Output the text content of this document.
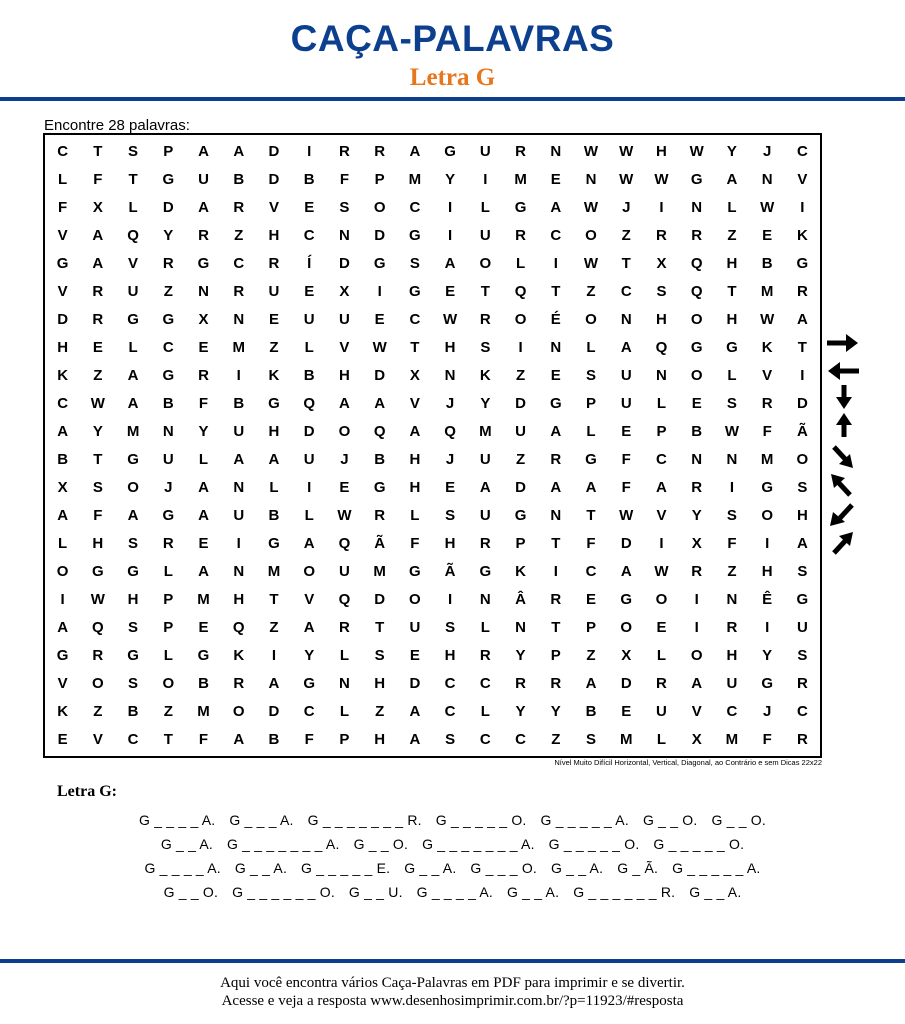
CAÇA-PALAVRAS
Letra G
Encontre 28 palavras:
C	T	S	P	A	A	D	I	R	R	A	G	U	R	N	W	W	H	W	Y	J	C
L	F	T	G	U	B	D	B	F	P	M	Y	I	M	E	N	W	W	G	A	N	V
F	X	L	D	A	R	V	E	S	O	C	I	L	G	A	W	J	I	N	L	W	I
V	A	Q	Y	R	Z	H	C	N	D	G	I	U	R	C	O	Z	R	R	Z	E	K
G	A	V	R	G	C	R	Í	D	G	S	A	O	L	I	W	T	X	Q	H	B	G
V	R	U	Z	N	R	U	E	X	I	G	E	T	Q	T	Z	C	S	Q	T	M	R
D	R	G	G	X	N	E	U	U	E	C	W	R	O	É	O	N	H	O	H	W	A
H	E	L	C	E	M	Z	L	V	W	T	H	S	I	N	L	A	Q	G	G	K	T
K	Z	A	G	R	I	K	B	H	D	X	N	K	Z	E	S	U	N	O	L	V	I
C	W	A	B	F	B	G	Q	A	A	V	J	Y	D	G	P	U	L	E	S	R	D
A	Y	M	N	Y	U	H	D	O	Q	A	Q	M	U	A	L	E	P	B	W	F	Ã
B	T	G	U	L	A	A	U	J	B	H	J	U	Z	R	G	F	C	N	N	M	O
X	S	O	J	A	N	L	I	E	G	H	E	A	D	A	A	F	A	R	I	G	S
A	F	A	G	A	U	B	L	W	R	L	S	U	G	N	T	W	V	Y	S	O	H
L	H	S	R	E	I	G	A	Q	Ã	F	H	R	P	T	F	D	I	X	F	I	A
O	G	G	L	A	N	M	O	U	M	G	Ã	G	K	I	C	A	W	R	Z	H	S
I	W	H	P	M	H	T	V	Q	D	O	I	N	Â	R	E	G	O	I	N	Ê	G
A	Q	S	P	E	Q	Z	A	R	T	U	S	L	N	T	P	O	E	I	R	I	U
G	R	G	L	G	K	I	Y	L	S	E	H	R	Y	P	Z	X	L	O	H	Y	S
V	O	S	O	B	R	A	G	N	H	D	C	C	R	R	A	D	R	A	U	G	R
K	Z	B	Z	M	O	D	C	L	Z	A	C	L	Y	Y	B	E	U	V	C	J	C
E	V	C	T	F	A	B	F	P	H	A	S	C	C	Z	S	M	L	X	M	F	R
Nível Muito Difícil Horizontal, Vertical, Diagonal, ao Contrário e sem Dicas 22x22
Letra G:
G _ _ _ _ A. G _ _ _ A. G _ _ _ _ _ _ _ R. G _ _ _ _ _ O. G _ _ _ _ _ A. G _ _ O. G _ _ O.
G _ _ A. G _ _ _ _ _ _ _ A. G _ _ O. G _ _ _ _ _ _ _ A. G _ _ _ _ _ O. G _ _ _ _ _ O.
G _ _ _ _ A. G _ _ A. G _ _ _ _ _ E. G _ _ A. G _ _ _ O. G _ _ A. G _ Ã. G _ _ _ _ _ A.
G _ _ O. G _ _ _ _ _ _ O. G _ _ U. G _ _ _ _ A. G _ _ A. G _ _ _ _ _ _ R. G _ _ A.
Aqui você encontra vários Caça-Palavras em PDF para imprimir e se divertir.
Acesse e veja a resposta www.desenhosimprimir.com.br/?p=11923/#resposta
